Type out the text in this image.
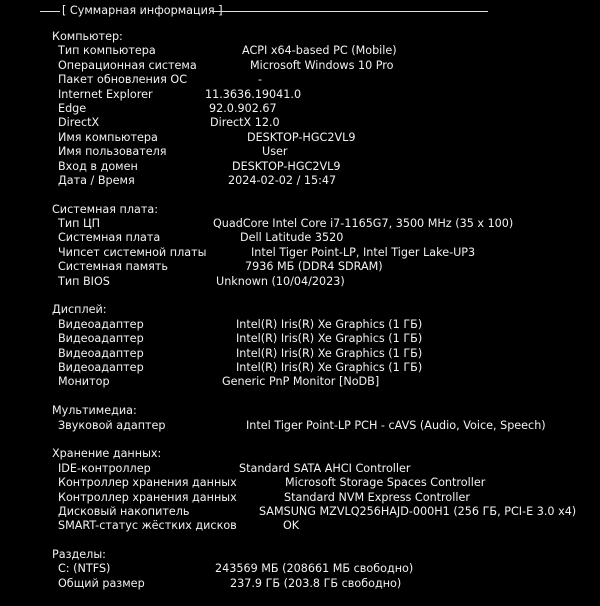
[ Суммарная информация ]
Компьютер:
Тип компьютера	ACPI x64-based PC (Mobile)
Операционная система	Microsoft Windows 10 Pro
Пакет обновления ОС	-
Internet Explorer	11.3636.19041.0
Edge	92.0.902.67
DirectX	DirectX 12.0
Имя компьютера	DESKTOP-HGC2VL9
Имя пользователя	User
Вход в домен	DESKTOP-HGC2VL9
Дата / Время	2024-02-02 / 15:47
Системная плата:
Тип ЦП	QuadCore Intel Core i7-1165G7, 3500 MHz (35 x 100)
Системная плата	Dell Latitude 3520
Чипсет системной платы	Intel Tiger Point-LP, Intel Tiger Lake-UP3
Системная память	7936 МБ (DDR4 SDRAM)
Тип BIOS	Unknown (10/04/2023)
Дисплей:
Видеоадаптер	Intel(R) Iris(R) Xe Graphics (1 ГБ)
Видеоадаптер	Intel(R) Iris(R) Xe Graphics (1 ГБ)
Видеоадаптер	Intel(R) Iris(R) Xe Graphics (1 ГБ)
Видеоадаптер	Intel(R) Iris(R) Xe Graphics (1 ГБ)
Монитор	Generic PnP Monitor [NoDB]
Мультимедиа:
Звуковой адаптер	Intel Tiger Point-LP PCH - cAVS (Audio, Voice, Speech)
Хранение данных:
IDE-контроллер	Standard SATA AHCI Controller
Контроллер хранения данных	Microsoft Storage Spaces Controller
Контроллер хранения данных	Standard NVM Express Controller
Дисковый накопитель	SAMSUNG MZVLQ256HAJD-000H1 (256 ГБ, PCI-E 3.0 x4)
SMART-статус жёстких дисков	OK
Разделы:
C: (NTFS)	243569 МБ (208661 МБ свободно)
Общий размер	237.9 ГБ (203.8 ГБ свободно)
